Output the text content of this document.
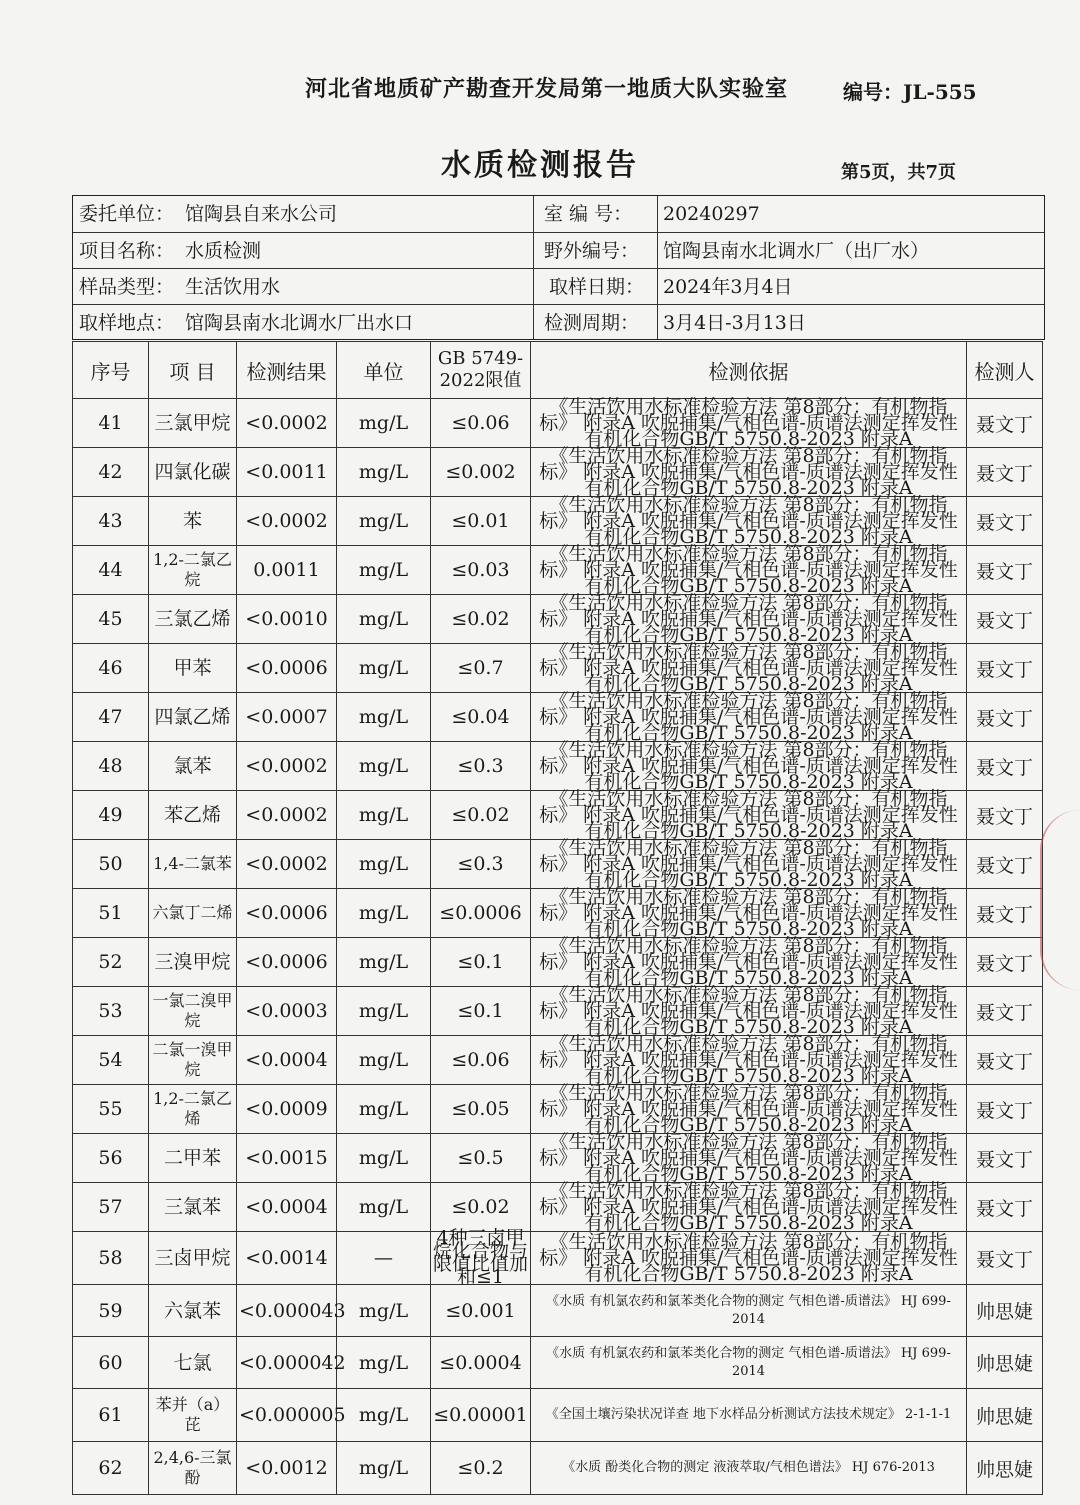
河北省地质矿产勘查开发局第一地质大队实验室	编号：JL-555
水质检测报告	第5页，共7页
委托单位： 馆陶县自来水公司	室 编 号： 20240297
项目名称： 水质检测	野外编号： 馆陶县南水北调水厂（出厂水）
样品类型： 生活饮用水	取样日期： 2024年3月4日
取样地点： 馆陶县南水北调水厂出水口	检测周期： 3月4日-3月13日
序号	项 目	检测结果	单位	GB 5749-2022限值	检测依据	检测人
41	三氯甲烷	<0.0002	mg/L	≤0.06	《生活饮用水标准检验方法 第8部分：有机物指标》 附录A 吹脱捕集/气相色谱-质谱法测定挥发性有机化合物GB/T 5750.8-2023 附录A	聂文丁
42	四氯化碳	<0.0011	mg/L	≤0.002	《生活饮用水标准检验方法 第8部分：有机物指标》 附录A 吹脱捕集/气相色谱-质谱法测定挥发性有机化合物GB/T 5750.8-2023 附录A	聂文丁
43	苯	<0.0002	mg/L	≤0.01	《生活饮用水标准检验方法 第8部分：有机物指标》 附录A 吹脱捕集/气相色谱-质谱法测定挥发性有机化合物GB/T 5750.8-2023 附录A	聂文丁
44	1,2-二氯乙烷	0.0011	mg/L	≤0.03	《生活饮用水标准检验方法 第8部分：有机物指标》 附录A 吹脱捕集/气相色谱-质谱法测定挥发性有机化合物GB/T 5750.8-2023 附录A	聂文丁
45	三氯乙烯	<0.0010	mg/L	≤0.02	《生活饮用水标准检验方法 第8部分：有机物指标》 附录A 吹脱捕集/气相色谱-质谱法测定挥发性有机化合物GB/T 5750.8-2023 附录A	聂文丁
46	甲苯	<0.0006	mg/L	≤0.7	《生活饮用水标准检验方法 第8部分：有机物指标》 附录A 吹脱捕集/气相色谱-质谱法测定挥发性有机化合物GB/T 5750.8-2023 附录A	聂文丁
47	四氯乙烯	<0.0007	mg/L	≤0.04	《生活饮用水标准检验方法 第8部分：有机物指标》 附录A 吹脱捕集/气相色谱-质谱法测定挥发性有机化合物GB/T 5750.8-2023 附录A	聂文丁
48	氯苯	<0.0002	mg/L	≤0.3	《生活饮用水标准检验方法 第8部分：有机物指标》 附录A 吹脱捕集/气相色谱-质谱法测定挥发性有机化合物GB/T 5750.8-2023 附录A	聂文丁
49	苯乙烯	<0.0002	mg/L	≤0.02	《生活饮用水标准检验方法 第8部分：有机物指标》 附录A 吹脱捕集/气相色谱-质谱法测定挥发性有机化合物GB/T 5750.8-2023 附录A	聂文丁
50	1,4-二氯苯	<0.0002	mg/L	≤0.3	《生活饮用水标准检验方法 第8部分：有机物指标》 附录A 吹脱捕集/气相色谱-质谱法测定挥发性有机化合物GB/T 5750.8-2023 附录A	聂文丁
51	六氯丁二烯	<0.0006	mg/L	≤0.0006	《生活饮用水标准检验方法 第8部分：有机物指标》 附录A 吹脱捕集/气相色谱-质谱法测定挥发性有机化合物GB/T 5750.8-2023 附录A	聂文丁
52	三溴甲烷	<0.0006	mg/L	≤0.1	《生活饮用水标准检验方法 第8部分：有机物指标》 附录A 吹脱捕集/气相色谱-质谱法测定挥发性有机化合物GB/T 5750.8-2023 附录A	聂文丁
53	一氯二溴甲烷	<0.0003	mg/L	≤0.1	《生活饮用水标准检验方法 第8部分：有机物指标》 附录A 吹脱捕集/气相色谱-质谱法测定挥发性有机化合物GB/T 5750.8-2023 附录A	聂文丁
54	二氯一溴甲烷	<0.0004	mg/L	≤0.06	《生活饮用水标准检验方法 第8部分：有机物指标》 附录A 吹脱捕集/气相色谱-质谱法测定挥发性有机化合物GB/T 5750.8-2023 附录A	聂文丁
55	1,2-二氯乙烯	<0.0009	mg/L	≤0.05	《生活饮用水标准检验方法 第8部分：有机物指标》 附录A 吹脱捕集/气相色谱-质谱法测定挥发性有机化合物GB/T 5750.8-2023 附录A	聂文丁
56	二甲苯	<0.0015	mg/L	≤0.5	《生活饮用水标准检验方法 第8部分：有机物指标》 附录A 吹脱捕集/气相色谱-质谱法测定挥发性有机化合物GB/T 5750.8-2023 附录A	聂文丁
57	三氯苯	<0.0004	mg/L	≤0.02	《生活饮用水标准检验方法 第8部分：有机物指标》 附录A 吹脱捕集/气相色谱-质谱法测定挥发性有机化合物GB/T 5750.8-2023 附录A	聂文丁
58	三卤甲烷	<0.0014	—	4种三卤甲烷化合物与限值比值加和≤1	《生活饮用水标准检验方法 第8部分：有机物指标》 附录A 吹脱捕集/气相色谱-质谱法测定挥发性有机化合物GB/T 5750.8-2023 附录A	聂文丁
59	六氯苯	<0.000043	mg/L	≤0.001	《水质 有机氯农药和氯苯类化合物的测定 气相色谱-质谱法》 HJ 699-2014	帅思婕
60	七氯	<0.000042	mg/L	≤0.0004	《水质 有机氯农药和氯苯类化合物的测定 气相色谱-质谱法》 HJ 699-2014	帅思婕
61	苯并（a）芘	<0.000005	mg/L	≤0.00001	《全国土壤污染状况详查 地下水样品分析测试方法技术规定》 2-1-1-1	帅思婕
62	2,4,6-三氯酚	<0.0012	mg/L	≤0.2	《水质 酚类化合物的测定 液液萃取/气相色谱法》 HJ 676-2013	帅思婕
